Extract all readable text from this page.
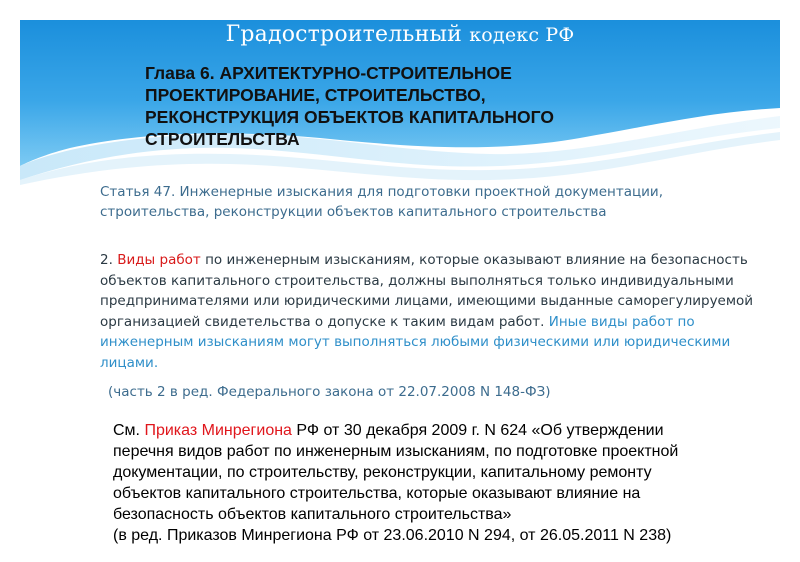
Градостроительный кодекс РФ
Глава 6. АРХИТЕКТУРНО-СТРОИТЕЛЬНОЕ
ПРОЕКТИРОВАНИЕ, СТРОИТЕЛЬСТВО,
РЕКОНСТРУКЦИЯ ОБЪЕКТОВ КАПИТАЛЬНОГО
СТРОИТЕЛЬСТВА
Статья 47. Инженерные изыскания для подготовки проектной документации,
строительства, реконструкции объектов капитального строительства
2. Виды работ по инженерным изысканиям, которые оказывают влияние на безопасность объектов капитального строительства, должны выполняться только индивидуальными предпринимателями или юридическими лицами, имеющими выданные саморегулируемой организацией свидетельства о допуске к таким видам работ. Иные виды работ по инженерным изысканиям могут выполняться любыми физическими или юридическими лицами.
(часть 2 в ред. Федерального закона от 22.07.2008 N 148-ФЗ)
См. Приказ Минрегиона РФ от 30 декабря 2009 г. N 624 «Об утверждении
перечня видов работ по инженерным изысканиям, по подготовке проектной
документации, по строительству, реконструкции, капитальному ремонту
объектов капитального строительства, которые оказывают влияние на
безопасность объектов капитального строительства»
(в ред. Приказов Минрегиона РФ от 23.06.2010 N 294, от 26.05.2011 N 238)
